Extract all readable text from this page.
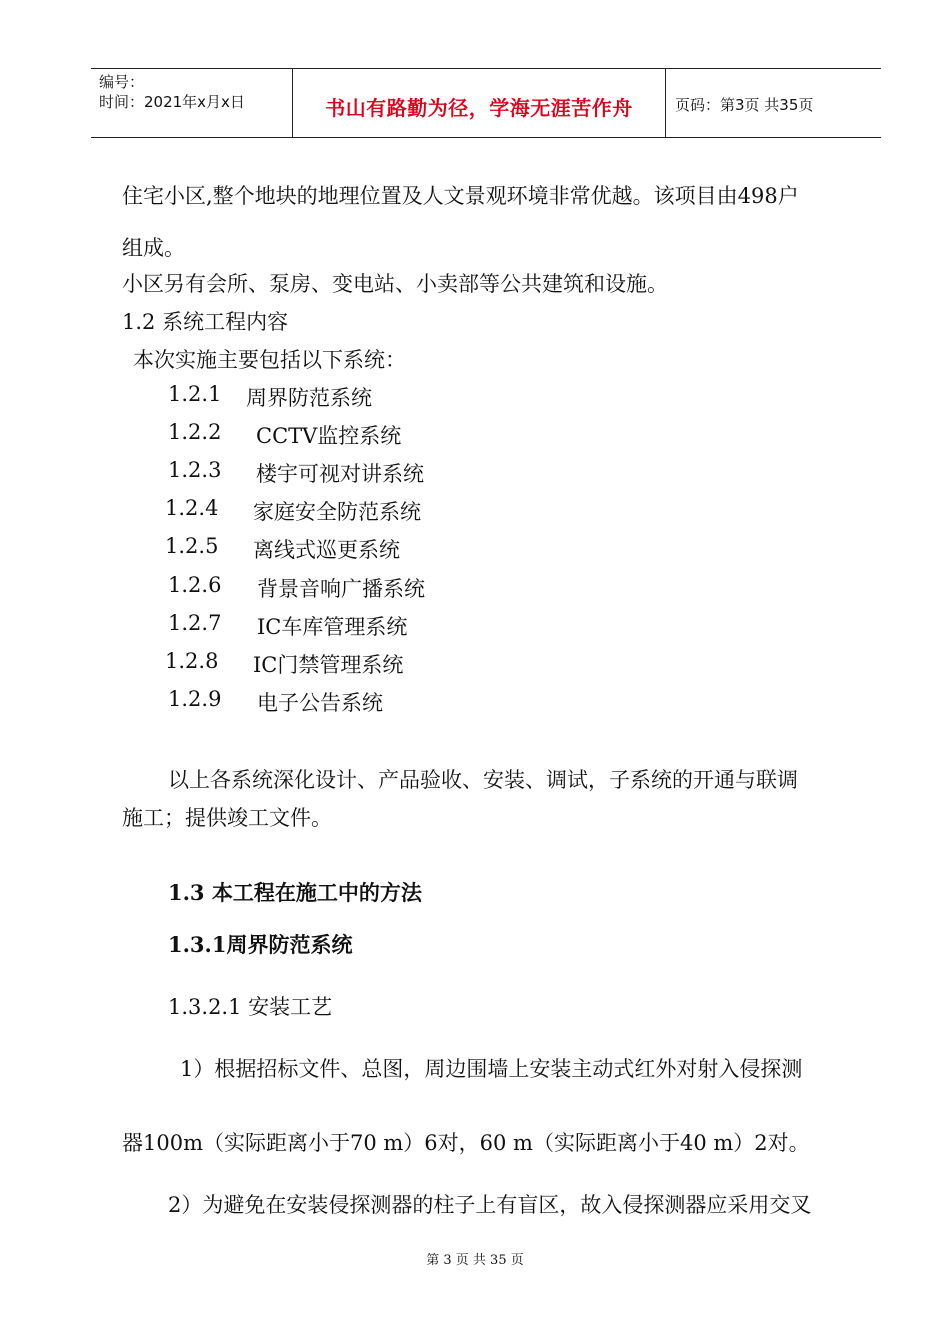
编号：
时间：2021年x月x日	书山有路勤为径，学海无涯苦作舟	页码：第3页 共35页
住宅小区,整个地块的地理位置及人文景观环境非常优越。该项目由498户
组成。
小区另有会所、泵房、变电站、小卖部等公共建筑和设施。
1.2 系统工程内容
本次实施主要包括以下系统：
1.2.1 周界防范系统
1.2.2 CCTV监控系统
1.2.3 楼宇可视对讲系统
1.2.4 家庭安全防范系统
1.2.5 离线式巡更系统
1.2.6 背景音响广播系统
1.2.7 IC车库管理系统
1.2.8 IC门禁管理系统
1.2.9 电子公告系统
以上各系统深化设计、产品验收、安装、调试，子系统的开通与联调
施工；提供竣工文件。
1.3 本工程在施工中的方法
1.3.1周界防范系统
1.3.2.1 安装工艺
1）根据招标文件、总图，周边围墙上安装主动式红外对射入侵探测
器100m（实际距离小于70 m）6对，60 m（实际距离小于40 m）2对。
2）为避免在安装侵探测器的柱子上有盲区，故入侵探测器应采用交叉
第 3 页 共 35 页
